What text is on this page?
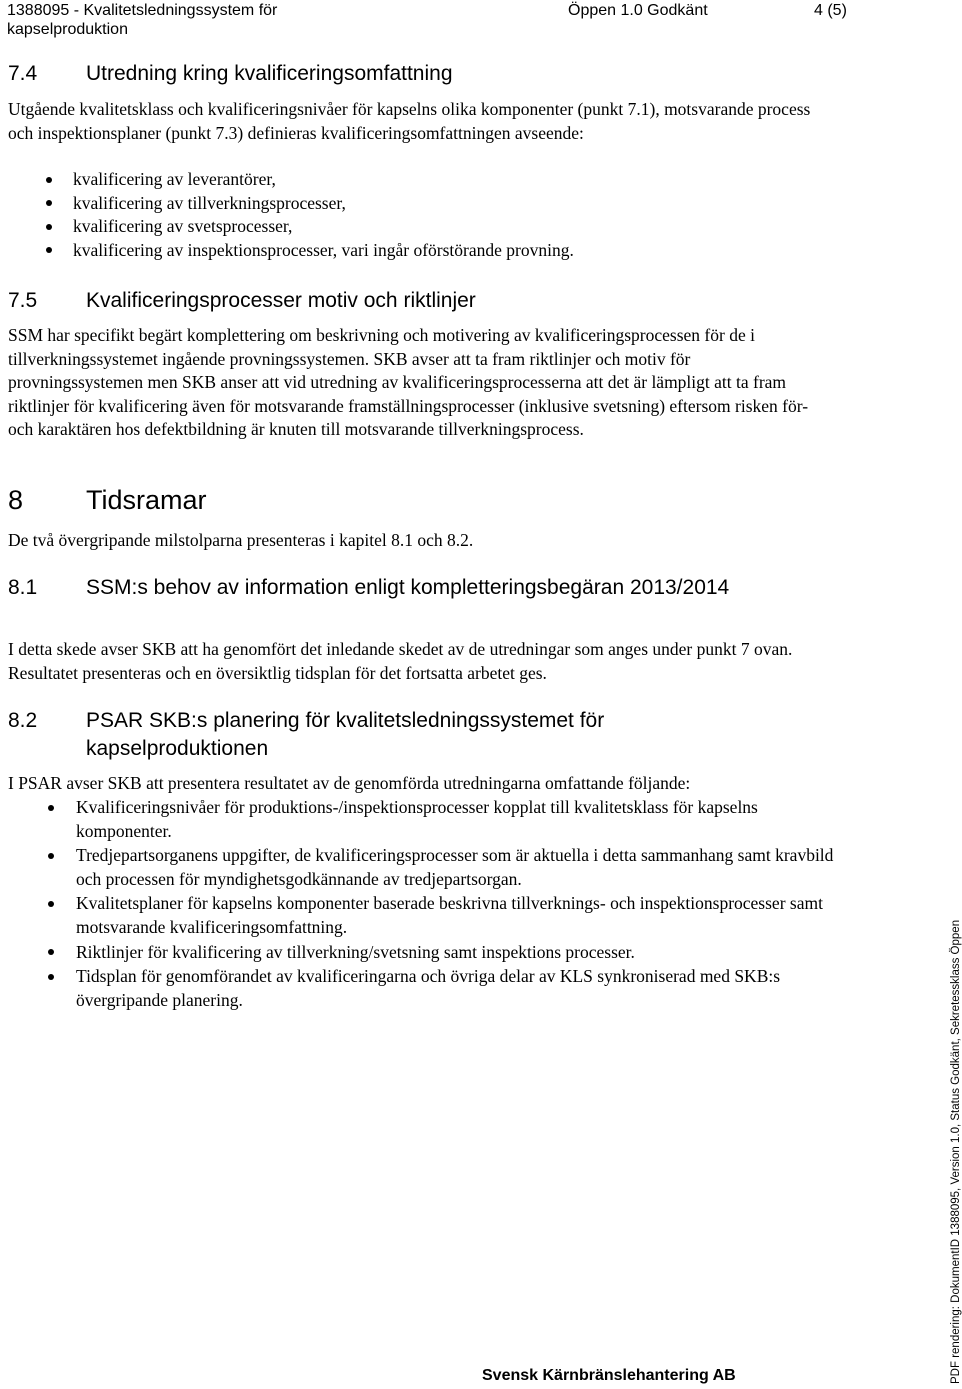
1388095 - Kvalitetsledningssystem för kapselproduktion
Öppen 1.0 Godkänt	4 (5)
7.4 Utredning kring kvalificeringsomfattning

Utgående kvalitetsklass och kvalificeringsnivåer för kapselns olika komponenter (punkt 7.1), motsvarande process och inspektionsplaner (punkt 7.3) definieras kvalificeringsomfattningen avseende:

kvalificering av leverantörer,
kvalificering av tillverkningsprocesser,
kvalificering av svetsprocesser,
kvalificering av inspektionsprocesser, vari ingår oförstörande provning.
7.5 Kvalificeringsprocesser motiv och riktlinjer

SSM har specifikt begärt komplettering om beskrivning och motivering av kvalificeringsprocessen för de i tillverkningssystemet ingående provningssystemen. SKB avser att ta fram riktlinjer och motiv för provningssystemen men SKB anser att vid utredning av kvalificeringsprocesserna att det är lämpligt att ta fram riktlinjer för kvalificering även för motsvarande framställningsprocesser (inklusive svetsning) eftersom risken för- och karaktären hos defektbildning är knuten till motsvarande tillverkningsprocess.

8 Tidsramar

De två övergripande milstolparna presenteras i kapitel 8.1 och 8.2.

8.1 SSM:s behov av information enligt kompletteringsbegäran 2013/2014

I detta skede avser SKB att ha genomfört det inledande skedet av de utredningar som anges under punkt 7 ovan. Resultatet presenteras och en översiktlig tidsplan för det fortsatta arbetet ges.

8.2 PSAR SKB:s planering för kvalitetsledningssystemet för kapselproduktionen

I PSAR avser SKB att presentera resultatet av de genomförda utredningarna omfattande följande:

Kvalificeringsnivåer för produktions-/inspektionsprocesser kopplat till kvalitetsklass för kapselns komponenter.
Tredjepartsorganens uppgifter, de kvalificeringsprocesser som är aktuella i detta sammanhang samt kravbild och processen för myndighetsgodkännande av tredjepartsorgan.
Kvalitetsplaner för kapselns komponenter baserade beskrivna tillverknings- och inspektionsprocesser samt motsvarande kvalificeringsomfattning.
Riktlinjer för kvalificering av tillverkning/svetsning samt inspektions processer.
Tidsplan för genomförandet av kvalificeringarna och övriga delar av KLS synkroniserad med SKB:s övergripande planering.
Svensk Kärnbränslehantering AB	PDF rendering: DokumentID 1388095, Version 1.0, Status Godkänt, Sekretessklass Öppen
